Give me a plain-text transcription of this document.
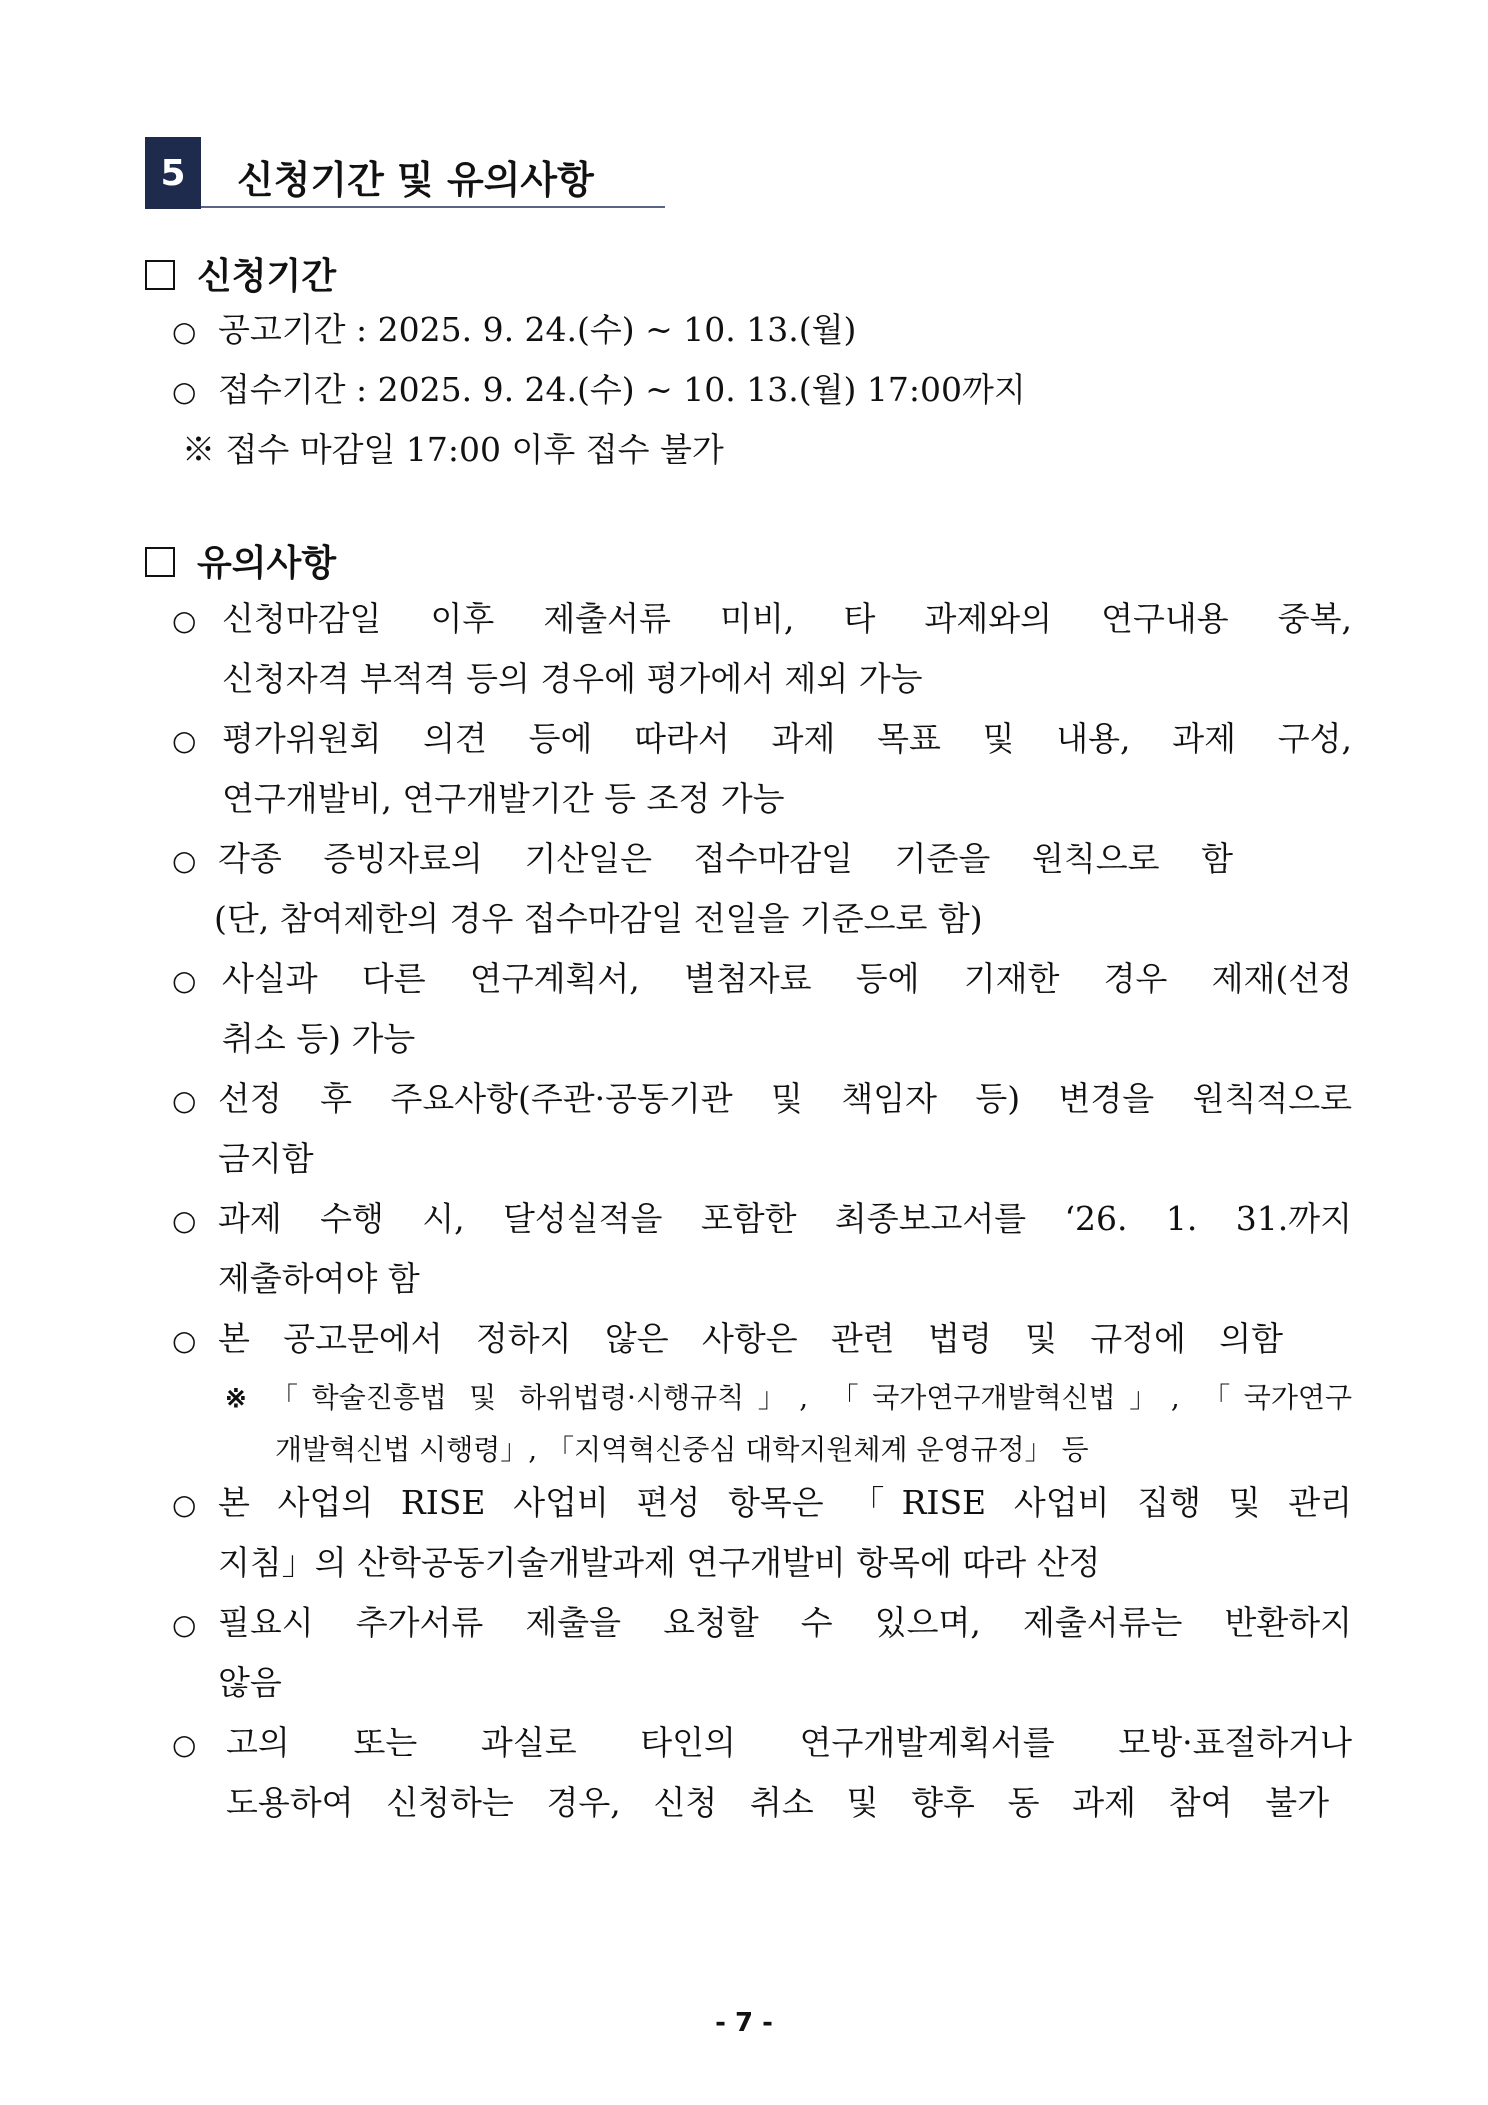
5	신청기간 및 유의사항
신청기간
○ 공고기간 : 2025. 9. 24.(수) ~ 10. 13.(월)
○ 접수기간 : 2025. 9. 24.(수) ~ 10. 13.(월) 17:00까지
※ 접수 마감일 17:00 이후 접수 불가
유의사항
○ 신청마감일 이후 제출서류 미비, 타 과제와의 연구내용 중복,
신청자격 부적격 등의 경우에 평가에서 제외 가능
○ 평가위원회 의견 등에 따라서 과제 목표 및 내용, 과제 구성,
연구개발비, 연구개발기간 등 조정 가능
○ 각종 증빙자료의 기산일은 접수마감일 기준을 원칙으로 함
(단, 참여제한의 경우 접수마감일 전일을 기준으로 함)
○ 사실과 다른 연구계획서, 별첨자료 등에 기재한 경우 제재(선정
취소 등) 가능
○ 선정 후 주요사항(주관·공동기관 및 책임자 등) 변경을 원칙적으로
금지함
○ 과제 수행 시, 달성실적을 포함한 최종보고서를 ‘26. 1. 31.까지
제출하여야 함
○ 본 공고문에서 정하지 않은 사항은 관련 법령 및 규정에 의함
※ 「학술진흥법 및 하위법령·시행규칙」, 「국가연구개발혁신법」, 「국가연구
개발혁신법 시행령」, 「지역혁신중심 대학지원체계 운영규정」 등
○ 본 사업의 RISE 사업비 편성 항목은 「RISE 사업비 집행 및 관리
지침」의 산학공동기술개발과제 연구개발비 항목에 따라 산정
○ 필요시 추가서류 제출을 요청할 수 있으며, 제출서류는 반환하지
않음
○ 고의 또는 과실로 타인의 연구개발계획서를 모방·표절하거나
도용하여 신청하는 경우, 신청 취소 및 향후 동 과제 참여 불가
- 7 -
